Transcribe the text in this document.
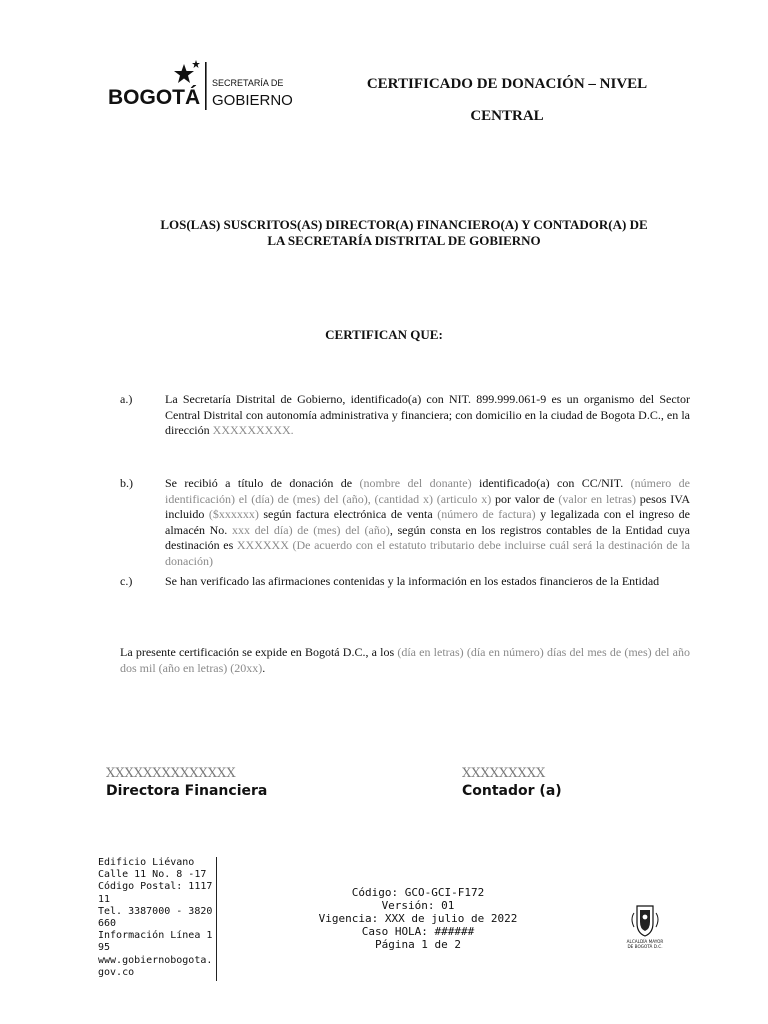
BOGOTÁ
SECRETARÍA DE
GOBIERNO
CERTIFICADO DE DONACIÓN – NIVEL
CENTRAL
LOS(LAS) SUSCRITOS(AS) DIRECTOR(A) FINANCIERO(A) Y CONTADOR(A) DE
LA SECRETARÍA DISTRITAL DE GOBIERNO
CERTIFICAN QUE:
a.)	La Secretaría Distrital de Gobierno, identificado(a) con NIT. 899.999.061-9 es un organismo del Sector Central Distrital con autonomía administrativa y financiera; con domicilio en la ciudad de Bogota D.C., en la dirección XXXXXXXXX.
b.)	Se recibió a título de donación de (nombre del donante) identificado(a) con CC/NIT. (número de identificación) el (día) de (mes) del (año), (cantidad x) (articulo x) por valor de (valor en letras) pesos IVA incluido ($xxxxxx) según factura electrónica de venta (número de factura) y legalizada con el ingreso de almacén No. xxx del día) de (mes) del (año), según consta en los registros contables de la Entidad cuya destinación es XXXXXX (De acuerdo con el estatuto tributario debe incluirse cuál será la destinación de la donación)
c.)	Se han verificado las afirmaciones contenidas y la información en los estados financieros de la Entidad
La presente certificación se expide en Bogotá D.C., a los (día en letras) (día en número) días del mes de (mes) del año dos mil (año en letras) (20xx).
XXXXXXXXXXXXXX
Directora Financiera
XXXXXXXXX
Contador (a)
Edificio Liévano
Calle 11 No. 8 -17
Código Postal: 111711
Tel. 3387000 - 3820660
Información Línea 195
www.gobiernobogota.gov.co
Código: GCO-GCI-F172
Versión: 01
Vigencia: XXX de julio de 2022
Caso HOLA: ######
Página 1 de 2	ALCALDÍA MAYOR
DE BOGOTÁ D.C.
